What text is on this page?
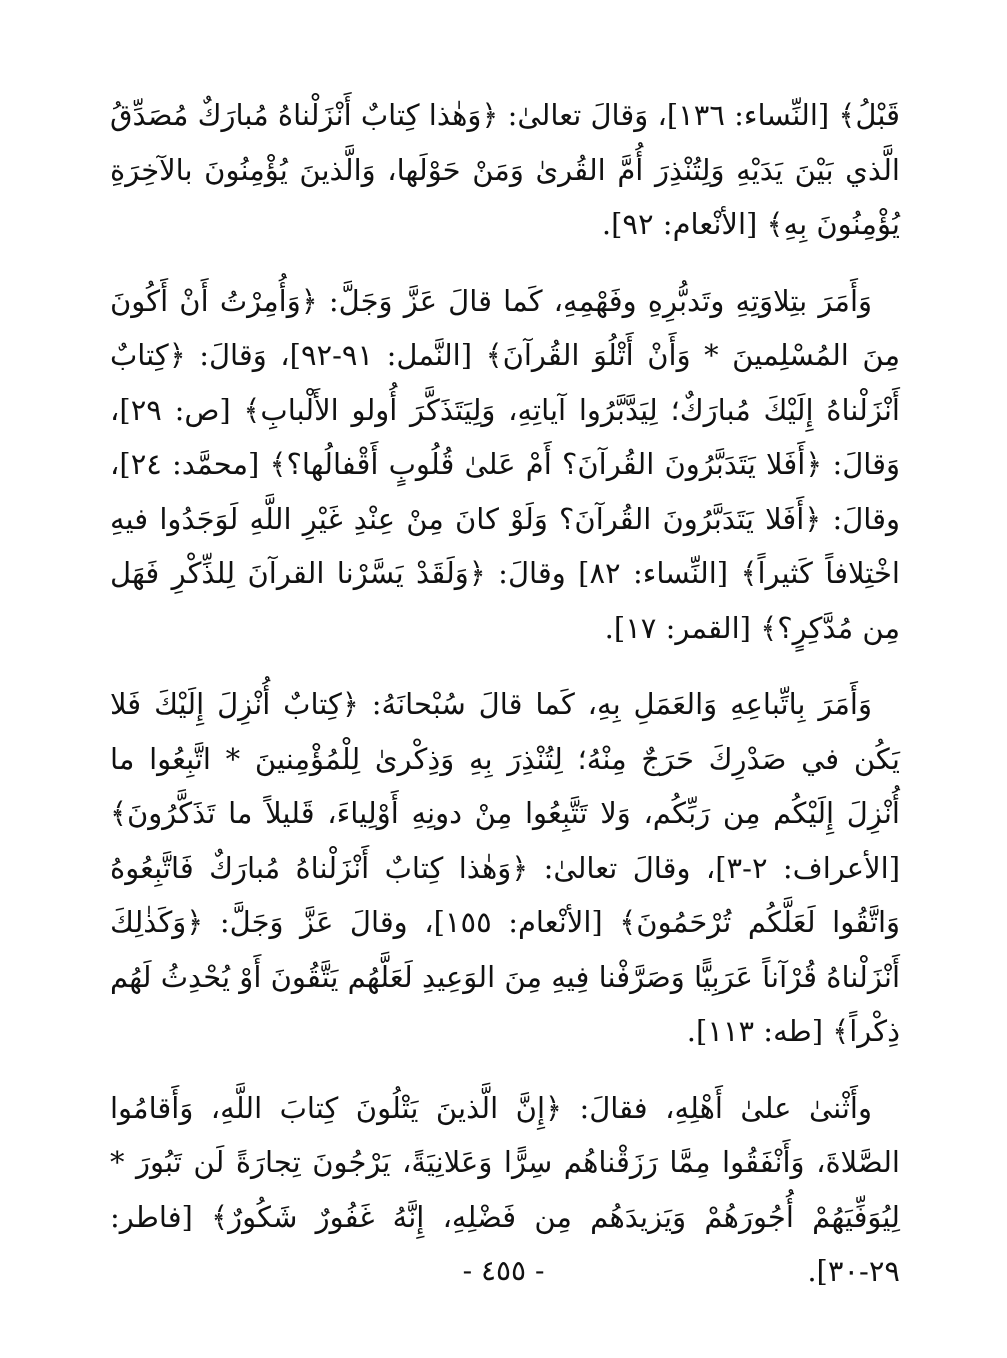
قَبْلُ﴾ [النِّساء: ١٣٦]، وَقالَ تعالىٰ: ﴿وَهٰذا كِتابٌ أَنْزَلْناهُ مُبارَكٌ مُصَدِّقُ الَّذي بَيْنَ يَدَيْهِ وَلِتُنْذِرَ أُمَّ القُرىٰ وَمَنْ حَوْلَها، وَالَّذينَ يُؤْمِنُونَ بالآخِرَةِ يُؤْمِنُونَ بِهِ﴾ [الأنْعام: ٩٢].

وَأَمَرَ بتِلاوَتِهِ وتَدبُّرِهِ وفَهْمِهِ، كَما قالَ عَزَّ وَجَلَّ: ﴿وَأُمِرْتُ أَنْ أَكُونَ مِنَ المُسْلِمينَ * وَأَنْ أَتْلُوَ القُرآنَ﴾ [النَّمل: ٩١-٩٢]، وَقالَ: ﴿كِتابٌ أَنْزَلْناهُ إِلَيْكَ مُبارَكٌ؛ لِيَدَّبَّرُوا آياتِهِ، وَلِيَتَذَكَّرَ أُولو الأَلْبابِ﴾ [ص: ٢٩]، وَقالَ: ﴿أَفَلا يَتَدَبَّرُونَ القُرآنَ؟ أَمْ عَلىٰ قُلُوبٍ أَقْفالُها؟﴾ [محمَّد: ٢٤]، وقالَ: ﴿أَفَلا يَتَدَبَّرُونَ القُرآنَ؟ وَلَوْ كانَ مِنْ عِنْدِ غَيْرِ اللَّهِ لَوَجَدُوا فيهِ اخْتِلافاً كَثيراً﴾ [النِّساء: ٨٢] وقالَ: ﴿وَلَقَدْ يَسَّرْنا القرآنَ لِلذِّكْرِ فَهَل مِن مُدَّكِرٍ؟﴾ [القمر: ١٧].

وَأَمَرَ بِاتِّباعِهِ وَالعَمَلِ بِهِ، كَما قالَ سُبْحانَهُ: ﴿كِتابٌ أُنْزِلَ إِلَيْكَ فَلا يَكُن في صَدْرِكَ حَرَجٌ مِنْهُ؛ لِتُنْذِرَ بِهِ وَذِكْرىٰ لِلْمُؤْمِنينَ * اتَّبِعُوا ما أُنْزِلَ إِلَيْكُم مِن رَبِّكُم، وَلا تَتَّبِعُوا مِنْ دونِهِ أَوْلِياءَ، قَليلاً ما تَذَكَّرُونَ﴾ [الأعراف: ٢-٣]، وقالَ تعالىٰ: ﴿وَهٰذا كِتابٌ أَنْزَلْناهُ مُبارَكٌ فَاتَّبِعُوهُ وَاتَّقُوا لَعَلَّكُم تُرْحَمُونَ﴾ [الأنْعام: ١٥٥]، وقالَ عَزَّ وَجَلَّ: ﴿وَكَذٰلِكَ أَنْزَلْناهُ قُرْآناً عَرَبِيًّا وَصَرَّفْنا فِيهِ مِنَ الوَعِيدِ لَعَلَّهُم يَتَّقُونَ أَوْ يُحْدِثُ لَهُم ذِكْراً﴾ [طه: ١١٣].

وأَثْنىٰ علىٰ أَهْلِهِ، فقالَ: ﴿إِنَّ الَّذينَ يَتْلُونَ كِتابَ اللَّهِ، وَأَقامُوا الصَّلاةَ، وَأَنْفَقُوا مِمَّا رَزَقْناهُم سِرًّا وَعَلانِيَةً، يَرْجُونَ تِجارَةً لَن تَبُورَ * لِيُوَفِّيَهُمْ أُجُورَهُمْ وَيَزيدَهُم مِن فَضْلِهِ، إِنَّهُ غَفُورٌ شَكُورٌ﴾ [فاطر: ٢٩-٣٠].

- ٤٥٥ -
